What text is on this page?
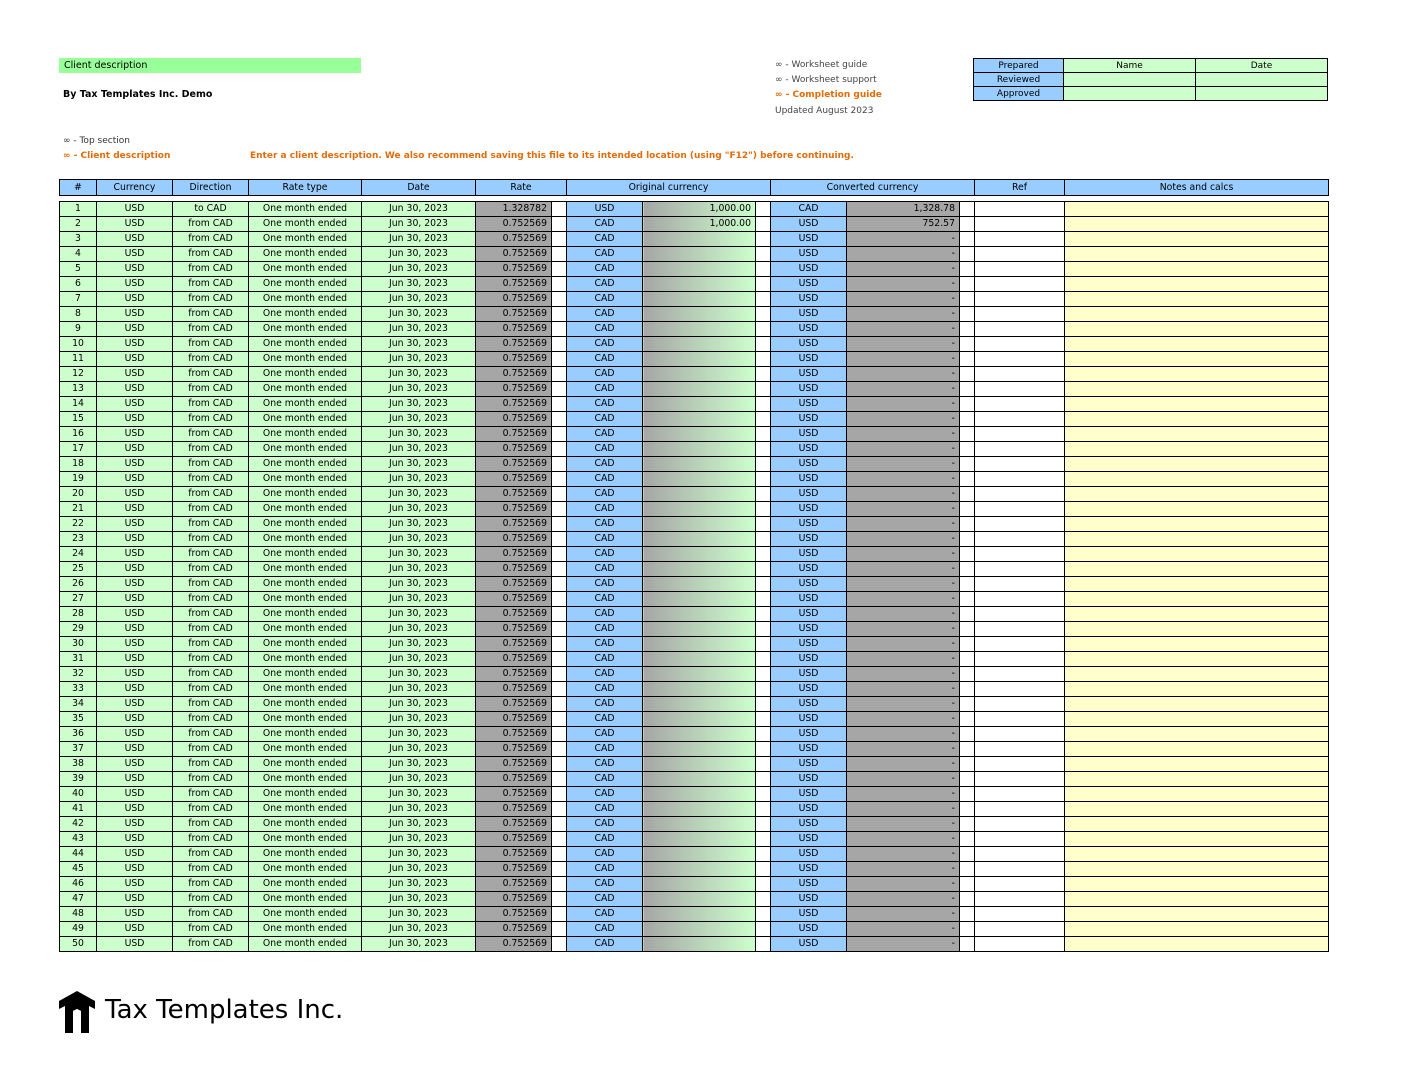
Client description
By Tax Templates Inc. Demo
∞ - Top section
∞ - Client description	Enter a client description. We also recommend saving this file to its intended location (using "F12") before continuing.
∞ - Worksheet guide
∞ - Worksheet support
∞ - Completion guide
Updated August 2023
Prepared	Name	Date
Reviewed		
Approved		
#	Currency	Direction	Rate type	Date	Rate		Original currency			Converted currency			Ref	Notes and calcs

1	USD	to CAD	One month ended	Jun 30, 2023	1.328782		USD	1,000.00		CAD	1,328.78			
2	USD	from CAD	One month ended	Jun 30, 2023	0.752569		CAD	1,000.00		USD	752.57			
3	USD	from CAD	One month ended	Jun 30, 2023	0.752569		CAD			USD	-			
4	USD	from CAD	One month ended	Jun 30, 2023	0.752569		CAD			USD	-			
5	USD	from CAD	One month ended	Jun 30, 2023	0.752569		CAD			USD	-			
6	USD	from CAD	One month ended	Jun 30, 2023	0.752569		CAD			USD	-			
7	USD	from CAD	One month ended	Jun 30, 2023	0.752569		CAD			USD	-			
8	USD	from CAD	One month ended	Jun 30, 2023	0.752569		CAD			USD	-			
9	USD	from CAD	One month ended	Jun 30, 2023	0.752569		CAD			USD	-			
10	USD	from CAD	One month ended	Jun 30, 2023	0.752569		CAD			USD	-			
11	USD	from CAD	One month ended	Jun 30, 2023	0.752569		CAD			USD	-			
12	USD	from CAD	One month ended	Jun 30, 2023	0.752569		CAD			USD	-			
13	USD	from CAD	One month ended	Jun 30, 2023	0.752569		CAD			USD	-			
14	USD	from CAD	One month ended	Jun 30, 2023	0.752569		CAD			USD	-			
15	USD	from CAD	One month ended	Jun 30, 2023	0.752569		CAD			USD	-			
16	USD	from CAD	One month ended	Jun 30, 2023	0.752569		CAD			USD	-			
17	USD	from CAD	One month ended	Jun 30, 2023	0.752569		CAD			USD	-			
18	USD	from CAD	One month ended	Jun 30, 2023	0.752569		CAD			USD	-			
19	USD	from CAD	One month ended	Jun 30, 2023	0.752569		CAD			USD	-			
20	USD	from CAD	One month ended	Jun 30, 2023	0.752569		CAD			USD	-			
21	USD	from CAD	One month ended	Jun 30, 2023	0.752569		CAD			USD	-			
22	USD	from CAD	One month ended	Jun 30, 2023	0.752569		CAD			USD	-			
23	USD	from CAD	One month ended	Jun 30, 2023	0.752569		CAD			USD	-			
24	USD	from CAD	One month ended	Jun 30, 2023	0.752569		CAD			USD	-			
25	USD	from CAD	One month ended	Jun 30, 2023	0.752569		CAD			USD	-			
26	USD	from CAD	One month ended	Jun 30, 2023	0.752569		CAD			USD	-			
27	USD	from CAD	One month ended	Jun 30, 2023	0.752569		CAD			USD	-			
28	USD	from CAD	One month ended	Jun 30, 2023	0.752569		CAD			USD	-			
29	USD	from CAD	One month ended	Jun 30, 2023	0.752569		CAD			USD	-			
30	USD	from CAD	One month ended	Jun 30, 2023	0.752569		CAD			USD	-			
31	USD	from CAD	One month ended	Jun 30, 2023	0.752569		CAD			USD	-			
32	USD	from CAD	One month ended	Jun 30, 2023	0.752569		CAD			USD	-			
33	USD	from CAD	One month ended	Jun 30, 2023	0.752569		CAD			USD	-			
34	USD	from CAD	One month ended	Jun 30, 2023	0.752569		CAD			USD	-			
35	USD	from CAD	One month ended	Jun 30, 2023	0.752569		CAD			USD	-			
36	USD	from CAD	One month ended	Jun 30, 2023	0.752569		CAD			USD	-			
37	USD	from CAD	One month ended	Jun 30, 2023	0.752569		CAD			USD	-			
38	USD	from CAD	One month ended	Jun 30, 2023	0.752569		CAD			USD	-			
39	USD	from CAD	One month ended	Jun 30, 2023	0.752569		CAD			USD	-			
40	USD	from CAD	One month ended	Jun 30, 2023	0.752569		CAD			USD	-			
41	USD	from CAD	One month ended	Jun 30, 2023	0.752569		CAD			USD	-			
42	USD	from CAD	One month ended	Jun 30, 2023	0.752569		CAD			USD	-			
43	USD	from CAD	One month ended	Jun 30, 2023	0.752569		CAD			USD	-			
44	USD	from CAD	One month ended	Jun 30, 2023	0.752569		CAD			USD	-			
45	USD	from CAD	One month ended	Jun 30, 2023	0.752569		CAD			USD	-			
46	USD	from CAD	One month ended	Jun 30, 2023	0.752569		CAD			USD	-			
47	USD	from CAD	One month ended	Jun 30, 2023	0.752569		CAD			USD	-			
48	USD	from CAD	One month ended	Jun 30, 2023	0.752569		CAD			USD	-			
49	USD	from CAD	One month ended	Jun 30, 2023	0.752569		CAD			USD	-			
50	USD	from CAD	One month ended	Jun 30, 2023	0.752569		CAD			USD	-			
Tax Templates Inc.
